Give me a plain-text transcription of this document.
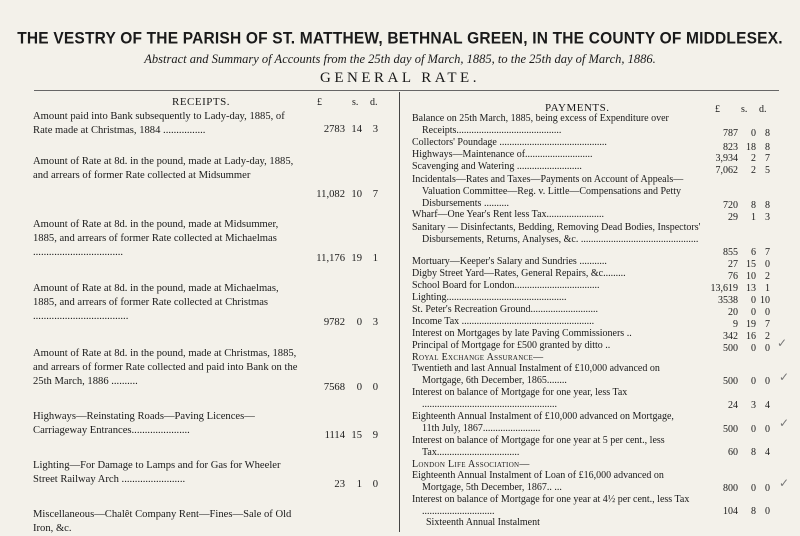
THE VESTRY OF THE PARISH OF ST. MATTHEW, BETHNAL GREEN, IN THE COUNTY OF MIDDLESEX.
Abstract and Summary of Accounts from the 25th day of March, 1885, to the 25th day of March, 1886.
GENERAL RATE.
RECEIPTS.	£	s. d.
Amount paid into Bank subsequently to Lady-day, 1885, of Rate made at Christmas, 1884 ................	2783 14	3
Amount of Rate at 8d. in the pound, made at Lady-day, 1885, and arrears of former Rate collected at Midsummer
11,082 10	7
Amount of Rate at 8d. in the pound, made at Midsummer, 1885, and arrears of former Rate collected at Michaelmas ..................................
11,176 19	1
Amount of Rate at 8d. in the pound, made at Michaelmas, 1885, and arrears of former Rate collected at Christmas ....................................
9782	0	3
Amount of Rate at 8d. in the pound, made at Christmas, 1885, and arrears of former Rate collected and paid into Bank on the 25th March, 1886 ..........
7568	0	0
Highways—Reinstating Roads—Paving Licences—Carriageway Entrances......................	1114 15	9
Lighting—For Damage to Lamps and for Gas for Wheeler Street Railway Arch ........................	23	1	0
Miscellaneous—Chalêt Company Rent—Fines—Sale of Old Iron, &c.
PAYMENTS.	£ s. d.
Balance on 25th March, 1885, being excess of Expenditure over Receipts..........................................	787	0 8
Collectors' Poundage ...........................................	823 18 8
Highways—Maintenance of...........................	3,934	2 7
Scavenging and Watering ..........................	7,062	2 5
Incidentals—Rates and Taxes—Payments on Account of Appeals—Valuation Committee—Reg. v. Little—Compensations and Petty Disbursements ..........	720	8 8
Wharf—One Year's Rent less Tax.......................	29	1 3
Sanitary — Disinfectants, Bedding, Removing Dead Bodies, Inspectors' Disbursements, Returns, Analyses, &c. ...............................................
855	6 7
Mortuary—Keeper's Salary and Sundries ...........	27 15 0
Digby Street Yard—Rates, General Repairs, &c.........	76 10 2
School Board for London..................................	13,619 13 1
Lighting................................................	3538	0 10
St. Peter's Recreation Ground...........................	20	0 0
Income Tax .....................................................	9 19 7
Interest on Mortgages by late Paving Commissioners ..	342 16 2
Principal of Mortgage for £500 granted by ditto ..	500	0 0 ✓
Royal Exchange Assurance—
Twentieth and last Annual Instalment of £10,000 advanced on Mortgage, 6th December, 1865........	500	0 0 ✓
Interest on balance of Mortgage for one year, less Tax ......................................................	24	3 4
Eighteenth Annual Instalment of £10,000 advanced on Mortgage, 11th July, 1867.......................	500	0 0 ✓
Interest on balance of Mortgage for one year at 5 per cent., less Tax.................................	60	8 4
London Life Association—
Eighteenth Annual Instalment of Loan of £16,000 advanced on Mortgage, 5th December, 1867.. ...	800	0 0 ✓
Interest on balance of Mortgage for one year at 4½ per cent., less Tax .............................	104	8 0
Sixteenth Annual Instalment
